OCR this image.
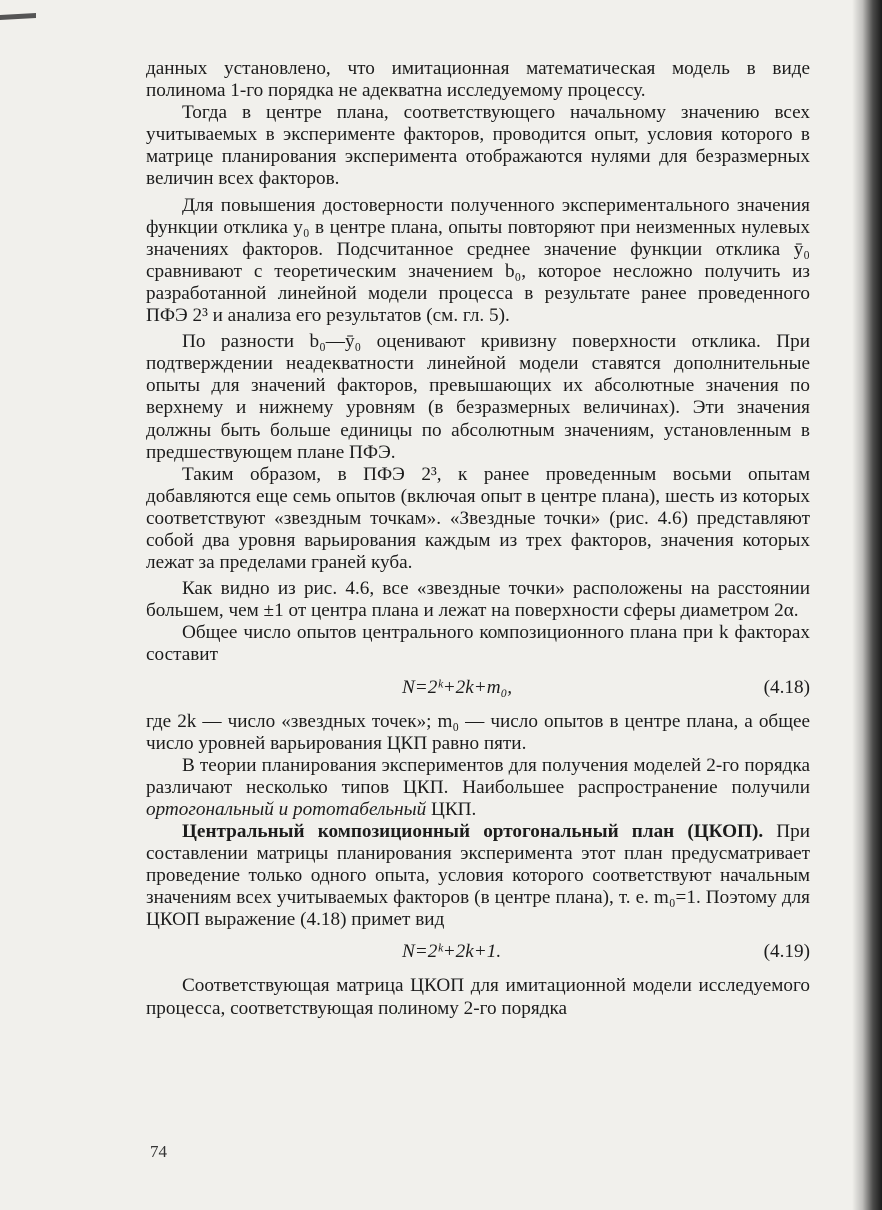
данных установлено, что имитационная математическая модель в виде полинома 1-го порядка не адекватна исследуемому процессу.

Тогда в центре плана, соответствующего начальному значению всех учитываемых в эксперименте факторов, проводится опыт, условия которого в матрице планирования эксперимента отображаются нулями для безразмерных величин всех факторов.

Для повышения достоверности полученного экспериментального значения функции отклика y₀ в центре плана, опыты повторяют при неизменных нулевых значениях факторов. Подсчитанное среднее значение функции отклика ȳ₀ сравнивают с теоретическим значением b₀, которое несложно получить из разработанной линейной модели процесса в результате ранее проведенного ПФЭ 2³ и анализа его результатов (см. гл. 5).

По разности b₀—ȳ₀ оценивают кривизну поверхности отклика. При подтверждении неадекватности линейной модели ставятся дополнительные опыты для значений факторов, превышающих их абсолютные значения по верхнему и нижнему уровням (в безразмерных величинах). Эти значения должны быть больше единицы по абсолютным значениям, установленным в предшествующем плане ПФЭ.

Таким образом, в ПФЭ 2³, к ранее проведенным восьми опытам добавляются еще семь опытов (включая опыт в центре плана), шесть из которых соответствуют «звездным точкам». «Звездные точки» (рис. 4.6) представляют собой два уровня варьирования каждым из трех факторов, значения которых лежат за пределами граней куба.

Как видно из рис. 4.6, все «звездные точки» расположены на расстоянии большем, чем ±1 от центра плана и лежат на поверхности сферы диаметром 2α.

Общее число опытов центрального композиционного плана при k факторах составит

N=2ᵏ+2k+m₀,	(4.18)

где 2k — число «звездных точек»; m₀ — число опытов в центре плана, а общее число уровней варьирования ЦКП равно пяти.

В теории планирования экспериментов для получения моделей 2-го порядка различают несколько типов ЦКП. Наибольшее распространение получили ортогональный и рототабельный ЦКП.

Центральный композиционный ортогональный план (ЦКОП). При составлении матрицы планирования эксперимента этот план предусматривает проведение только одного опыта, условия которого соответствуют начальным значениям всех учитываемых факторов (в центре плана), т. е. m₀=1. Поэтому для ЦКОП выражение (4.18) примет вид

N=2ᵏ+2k+1.	(4.19)

Соответствующая матрица ЦКОП для имитационной модели исследуемого процесса, соответствующая полиному 2-го порядка

74
